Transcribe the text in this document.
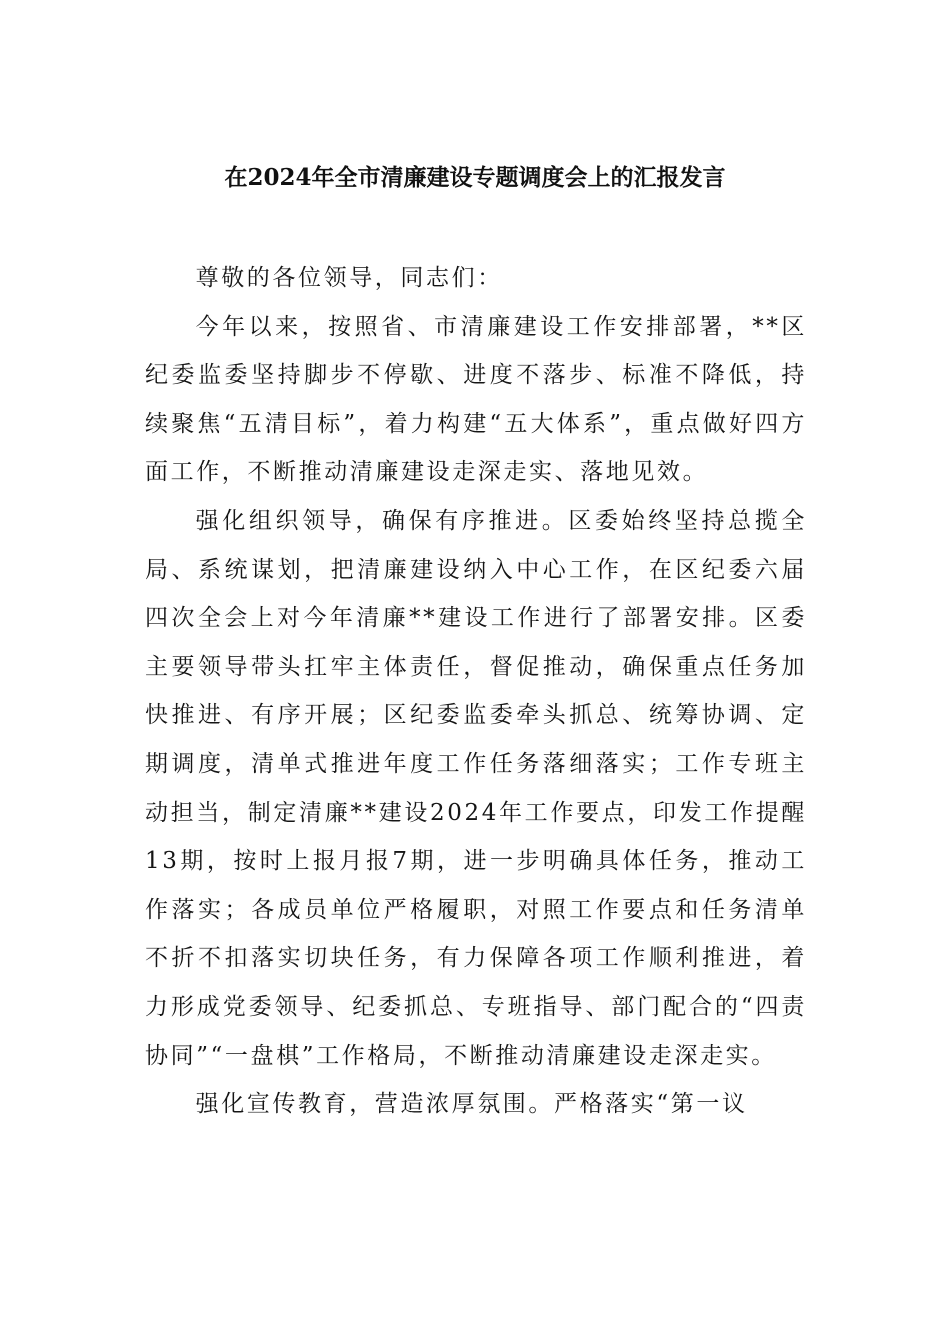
在2024年全市清廉建设专题调度会上的汇报发言

尊敬的各位领导，同志们：

今年以来，按照省、市清廉建设工作安排部署，**区纪委监委坚持脚步不停歇、进度不落步、标准不降低，持续聚焦“五清目标”，着力构建“五大体系”，重点做好四方面工作，不断推动清廉建设走深走实、落地见效。

强化组织领导，确保有序推进。区委始终坚持总揽全局、系统谋划，把清廉建设纳入中心工作，在区纪委六届四次全会上对今年清廉**建设工作进行了部署安排。区委主要领导带头扛牢主体责任，督促推动，确保重点任务加快推进、有序开展；区纪委监委牵头抓总、统筹协调、定期调度，清单式推进年度工作任务落细落实；工作专班主动担当，制定清廉**建设2024年工作要点，印发工作提醒13期，按时上报月报7期，进一步明确具体任务，推动工作落实；各成员单位严格履职，对照工作要点和任务清单不折不扣落实切块任务，有力保障各项工作顺利推进，着力形成党委领导、纪委抓总、专班指导、部门配合的“四责协同”“一盘棋”工作格局，不断推动清廉建设走深走实。

强化宣传教育，营造浓厚氛围。严格落实“第一议
